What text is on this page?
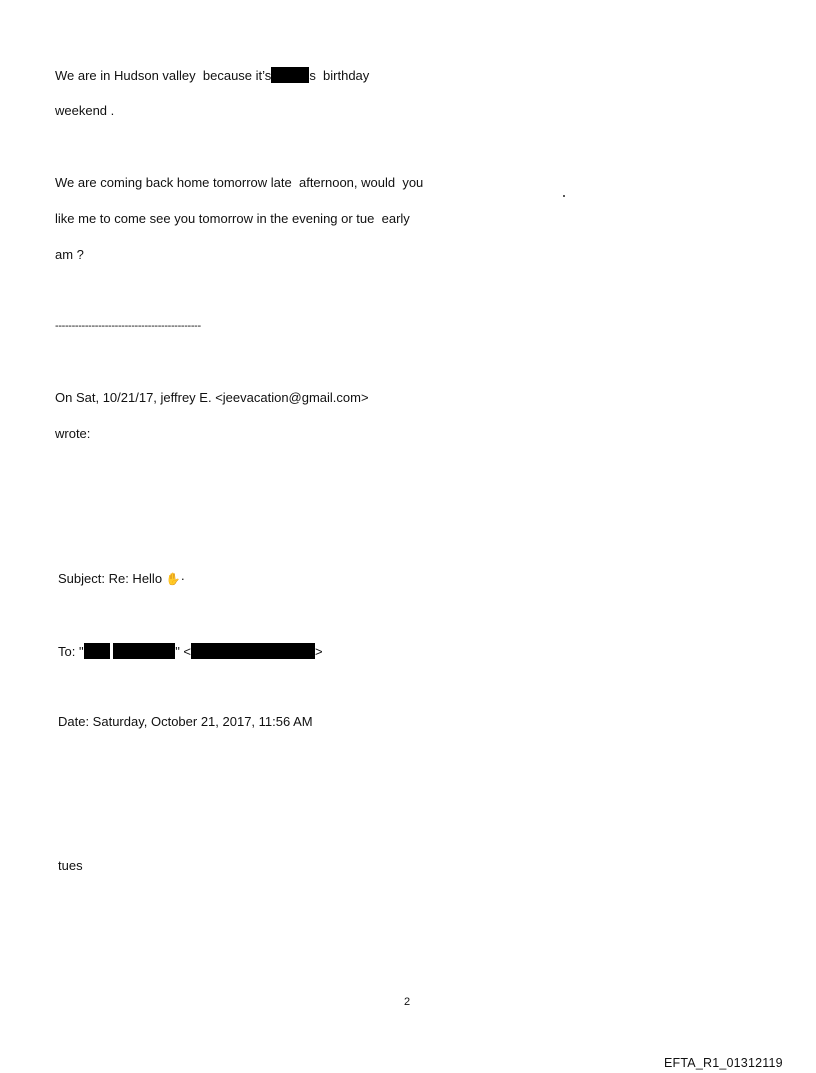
We are in Hudson valley  because it’s	s  birthday
weekend .
We are coming back home tomorrow late  afternoon, would  you
like me to come see you tomorrow in the evening or tue  early
am ?
--------------------------------------------
On Sat, 10/21/17, jeffrey E. <jeevacation@gmail.com>
wrote:
Subject: Re: Hello ✋·
To: "	" <	>
Date: Saturday, October 21, 2017, 11:56 AM
tues
2
EFTA_R1_01312119
